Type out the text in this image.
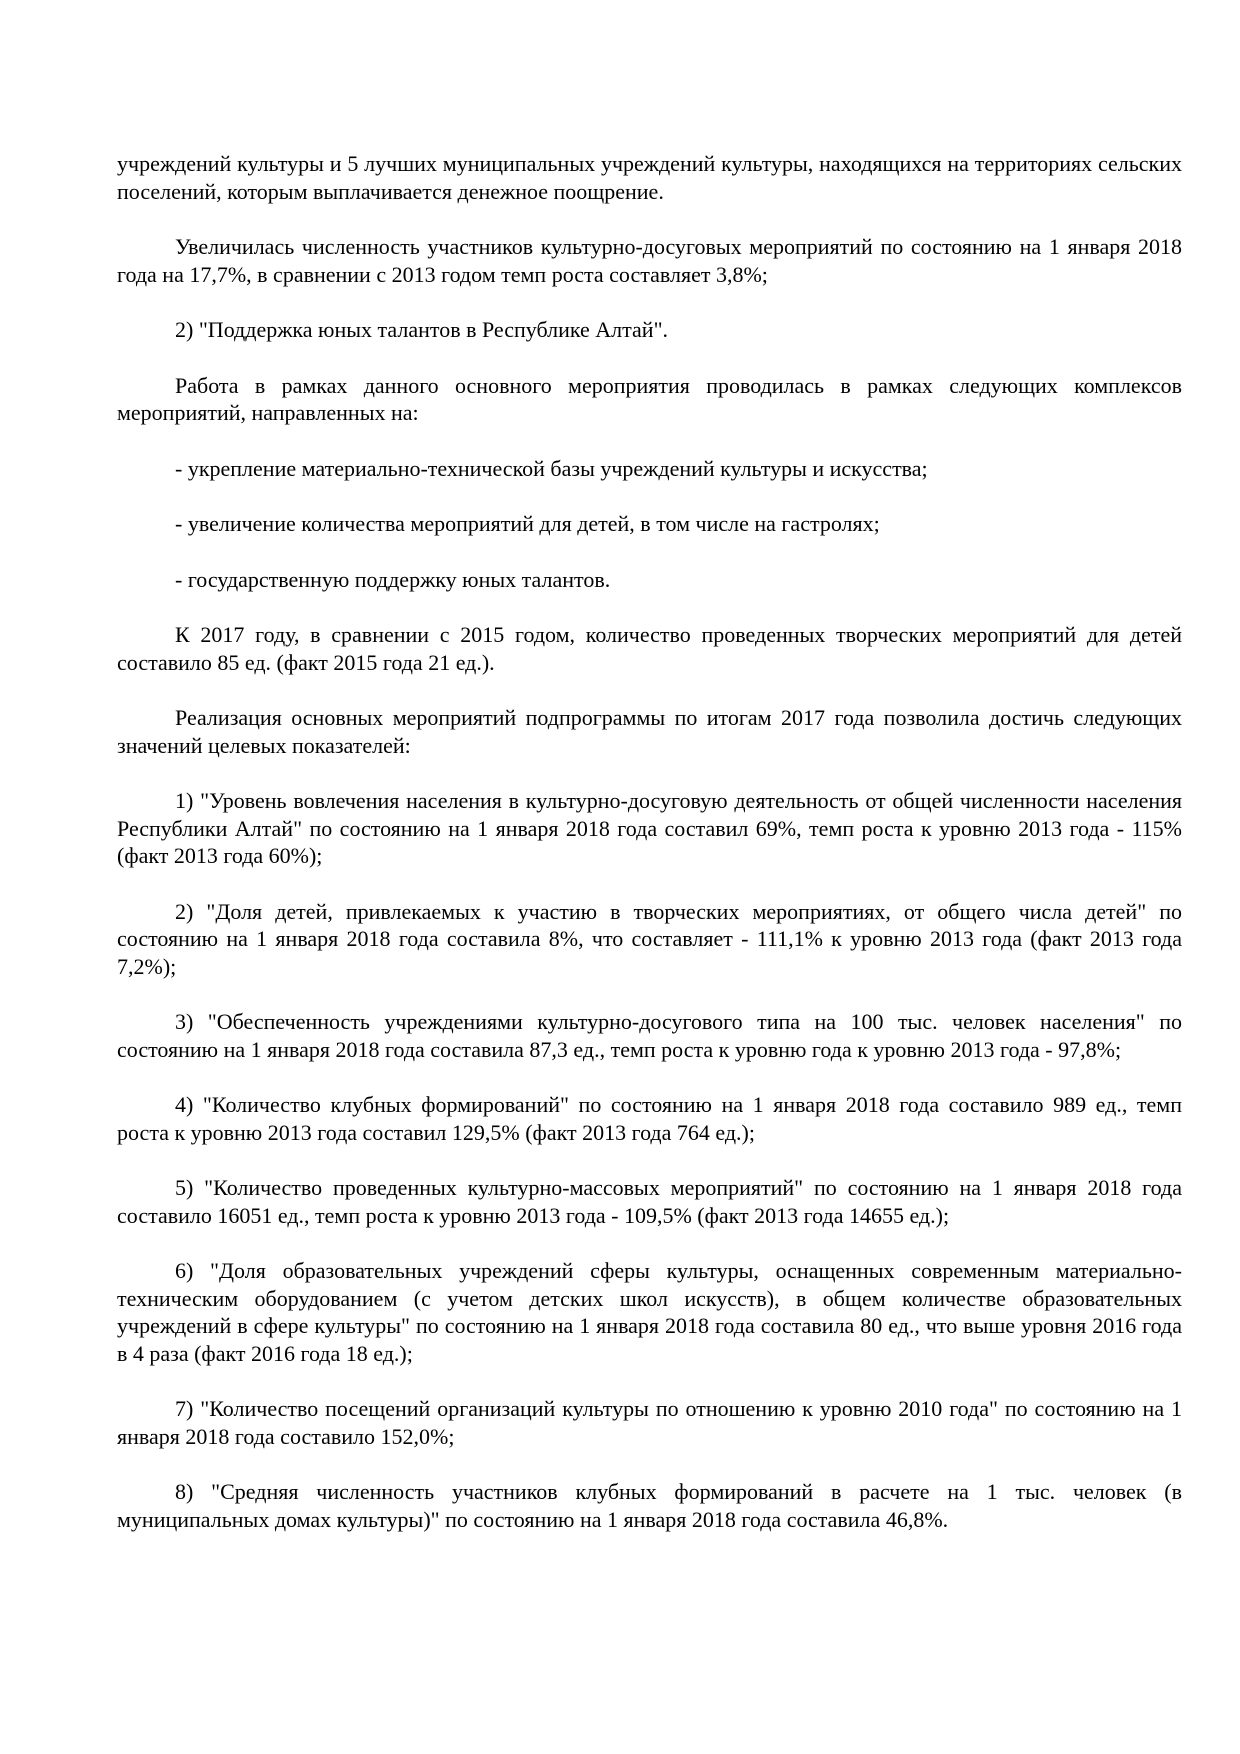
учреждений культуры и 5 лучших муниципальных учреждений культуры, находящихся на территориях сельских поселений, которым выплачивается денежное поощрение.

Увеличилась численность участников культурно-досуговых мероприятий по состоянию на 1 января 2018 года на 17,7%, в сравнении с 2013 годом темп роста составляет 3,8%;

2) "Поддержка юных талантов в Республике Алтай".

Работа в рамках данного основного мероприятия проводилась в рамках следующих комплексов мероприятий, направленных на:

- укрепление материально-технической базы учреждений культуры и искусства;

- увеличение количества мероприятий для детей, в том числе на гастролях;

- государственную поддержку юных талантов.

К 2017 году, в сравнении с 2015 годом, количество проведенных творческих мероприятий для детей составило 85 ед. (факт 2015 года 21 ед.).

Реализация основных мероприятий подпрограммы по итогам 2017 года позволила достичь следующих значений целевых показателей:

1) "Уровень вовлечения населения в культурно-досуговую деятельность от общей численности населения Республики Алтай" по состоянию на 1 января 2018 года составил 69%, темп роста к уровню 2013 года - 115% (факт 2013 года 60%);

2) "Доля детей, привлекаемых к участию в творческих мероприятиях, от общего числа детей" по состоянию на 1 января 2018 года составила 8%, что составляет - 111,1% к уровню 2013 года (факт 2013 года 7,2%);

3) "Обеспеченность учреждениями культурно-досугового типа на 100 тыс. человек населения" по состоянию на 1 января 2018 года составила 87,3 ед., темп роста к уровню года к уровню 2013 года - 97,8%;

4) "Количество клубных формирований" по состоянию на 1 января 2018 года составило 989 ед., темп роста к уровню 2013 года составил 129,5% (факт 2013 года 764 ед.);

5) "Количество проведенных культурно-массовых мероприятий" по состоянию на 1 января 2018 года составило 16051 ед., темп роста к уровню 2013 года - 109,5% (факт 2013 года 14655 ед.);

6) "Доля образовательных учреждений сферы культуры, оснащенных современным материально-техническим оборудованием (с учетом детских школ искусств), в общем количестве образовательных учреждений в сфере культуры" по состоянию на 1 января 2018 года составила 80 ед., что выше уровня 2016 года в 4 раза (факт 2016 года 18 ед.);

7) "Количество посещений организаций культуры по отношению к уровню 2010 года" по состоянию на 1 января 2018 года составило 152,0%;

8) "Средняя численность участников клубных формирований в расчете на 1 тыс. человек (в муниципальных домах культуры)" по состоянию на 1 января 2018 года составила 46,8%.
